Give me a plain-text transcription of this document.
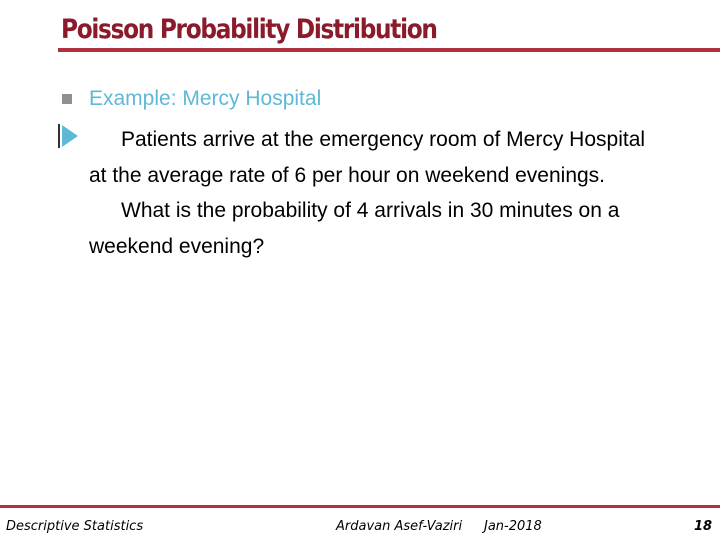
Poisson Probability Distribution
Example: Mercy Hospital

Patients arrive at the emergency room of Mercy Hospital at the average rate of 6 per hour on weekend evenings.

What is the probability of 4 arrivals in 30 minutes on a weekend evening?

Descriptive Statistics	Ardavan Asef-Vaziri Jan-2018	18
